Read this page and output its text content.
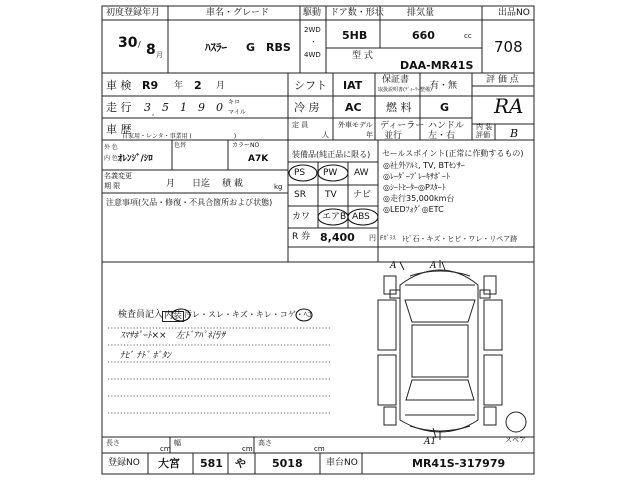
初度登録年月
30 / 8 月
車名・グレード
ﾊｽﾗｰ G　RBS
駆動
2WD
・
4WD
ドア数・形状
5HB
排気量
660	cc
型 式
DAA-MR41S
出品NO
708
車 検 R9 年 2 月	シフト IAT 保証書
取扱説明書(ﾃﾞｨｰﾗｰ整備)
有・無
評 価 点
RA
走 行 3 , 5 1 9 0 キロ
マイル	冷 房 AC 燃 料	G
車 歴
自家用・レンタ・事業用 (　　　　　　　)
定 員
人
外車モデル
年
ディーラー
並行
ハンドル
左・右
内 装
評価 B
外 色
内 色 ｵﾚﾝｼﾞ/ｼﾛ
色替	カラーNO
A7K
名義変更
期 限	月 日迄 積 載	kg
注意事項(欠品・修復・不具合箇所および状態)
装備品(純正品に限る)
PS PW AW
SR TV ナビ
カワ エアB ABS
R 券 8,400 円
セールスポイント(正常に作動するもの)
◎社外ｱﾙﾐ, TV, BTｾﾝｻｰ
◎ﾚｰﾀﾞｰﾌﾞﾚｰｷｻﾎﾟｰﾄ
◎ｼｰﾄﾋｰﾀｰ◎Pｽﾀｰﾄ
◎走行35,000km台
◎LEDﾌｫｸﾞ◎ETC
Fｶﾞﾗｽ ﾄﾋﾞ石・キズ・ヒビ・ワレ・リペア跡
検査員記入 内装 汚レ・スレ・キズ・キレ・コゲ・ﾍｺ
ｽﾏｻﾎﾟｰﾄ××　左ﾄﾞｱﾊﾟﾈ汚ｻ
ﾅﾋﾞ ﾅﾄﾞ ﾎﾞﾀﾝ
A	A
A1	スペア
長さ
cm
幅
cm
高さ
cm
登録NO 大宮 581 や 5018	車台NO	MR41S-317979
